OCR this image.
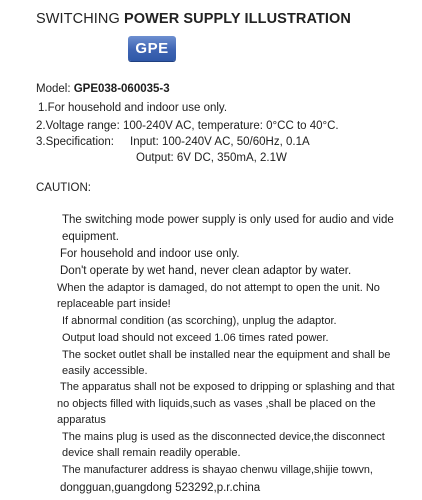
SWITCHING POWER SUPPLY ILLUSTRATION
GPE
Model: GPE038-060035-3
1.For household and indoor use only.
2.Voltage range: 100-240V AC, temperature: 0°CC to 40°C.
3.Specification: Input: 100-240V AC, 50/60Hz, 0.1A
Output: 6V DC, 350mA, 2.1W
CAUTION:
The switching mode power supply is only used for audio and vide
equipment.
For household and indoor use only.
Don't operate by wet hand, never clean adaptor by water.
When the adaptor is damaged, do not attempt to open the unit. No
replaceable part inside!
If abnormal condition (as scorching), unplug the adaptor.
Output load should not exceed 1.06 times rated power.
The socket outlet shall be installed near the equipment and shall be
easily accessible.
The apparatus shall not be exposed to dripping or splashing and that
no objects filled with liquids,such as vases ,shall be placed on the
apparatus
The mains plug is used as the disconnected device,the disconnect
device shall remain readily operable.
The manufacturer address is shayao chenwu village,shijie towvn,
dongguan,guangdong 523292,p.r.china
